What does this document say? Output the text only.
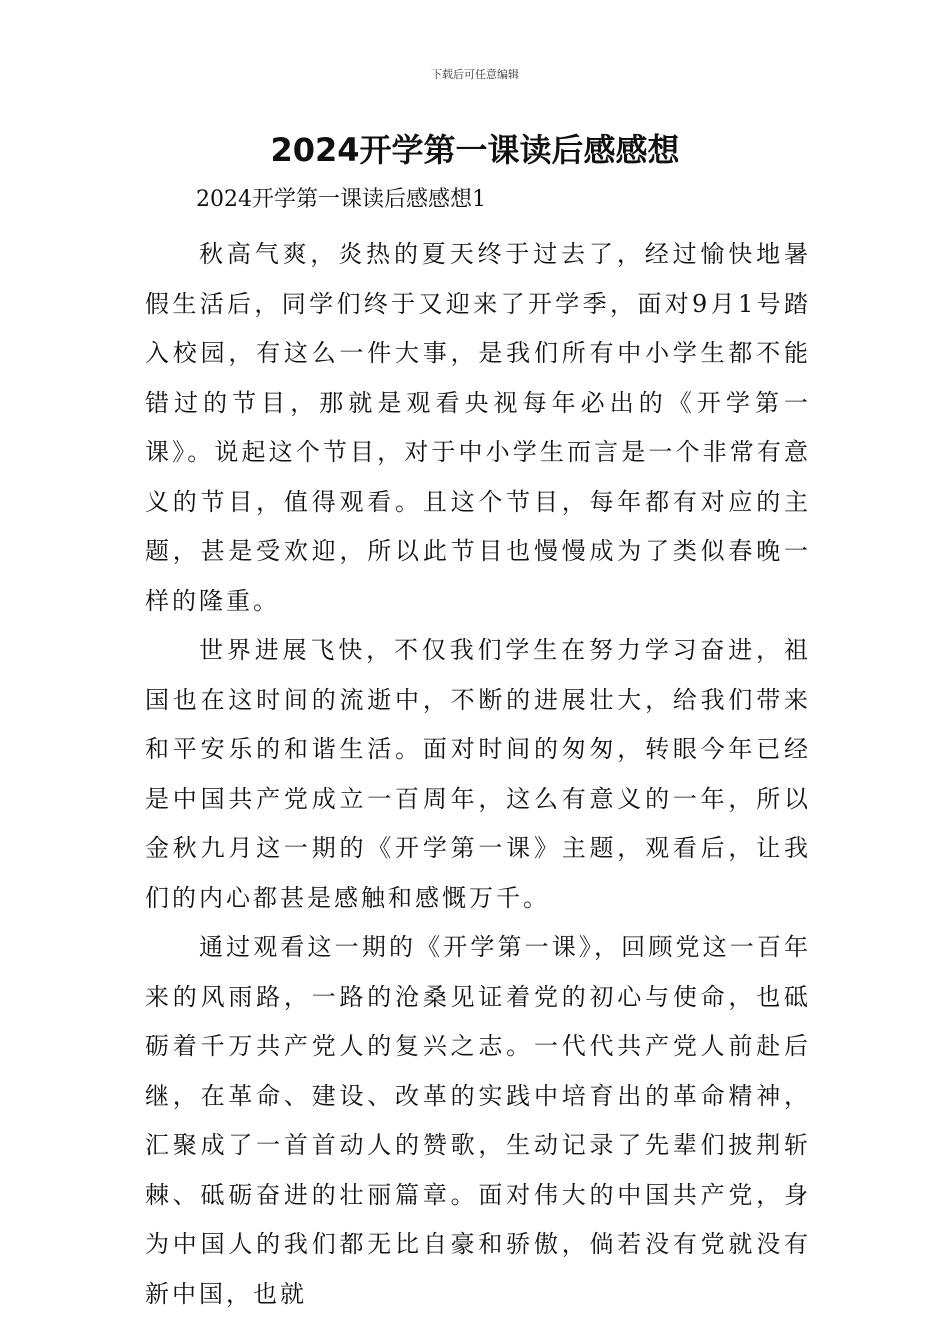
下载后可任意编辑
2024开学第一课读后感感想
2024开学第一课读后感感想1

秋高气爽，炎热的夏天终于过去了，经过愉快地暑假生活后，同学们终于又迎来了开学季，面对9月1号踏入校园，有这么一件大事，是我们所有中小学生都不能错过的节目，那就是观看央视每年必出的《开学第一课》。说起这个节目，对于中小学生而言是一个非常有意义的节目，值得观看。且这个节目，每年都有对应的主题，甚是受欢迎，所以此节目也慢慢成为了类似春晚一样的隆重。

世界进展飞快，不仅我们学生在努力学习奋进，祖国也在这时间的流逝中，不断的进展壮大，给我们带来和平安乐的和谐生活。面对时间的匆匆，转眼今年已经是中国共产党成立一百周年，这么有意义的一年，所以金秋九月这一期的《开学第一课》主题，观看后，让我们的内心都甚是感触和感慨万千。

通过观看这一期的《开学第一课》，回顾党这一百年来的风雨路，一路的沧桑见证着党的初心与使命，也砥砺着千万共产党人的复兴之志。一代代共产党人前赴后继，在革命、建设、改革的实践中培育出的革命精神，汇聚成了一首首动人的赞歌，生动记录了先辈们披荆斩棘、砥砺奋进的壮丽篇章。面对伟大的中国共产党，身为中国人的我们都无比自豪和骄傲，倘若没有党就没有新中国，也就
